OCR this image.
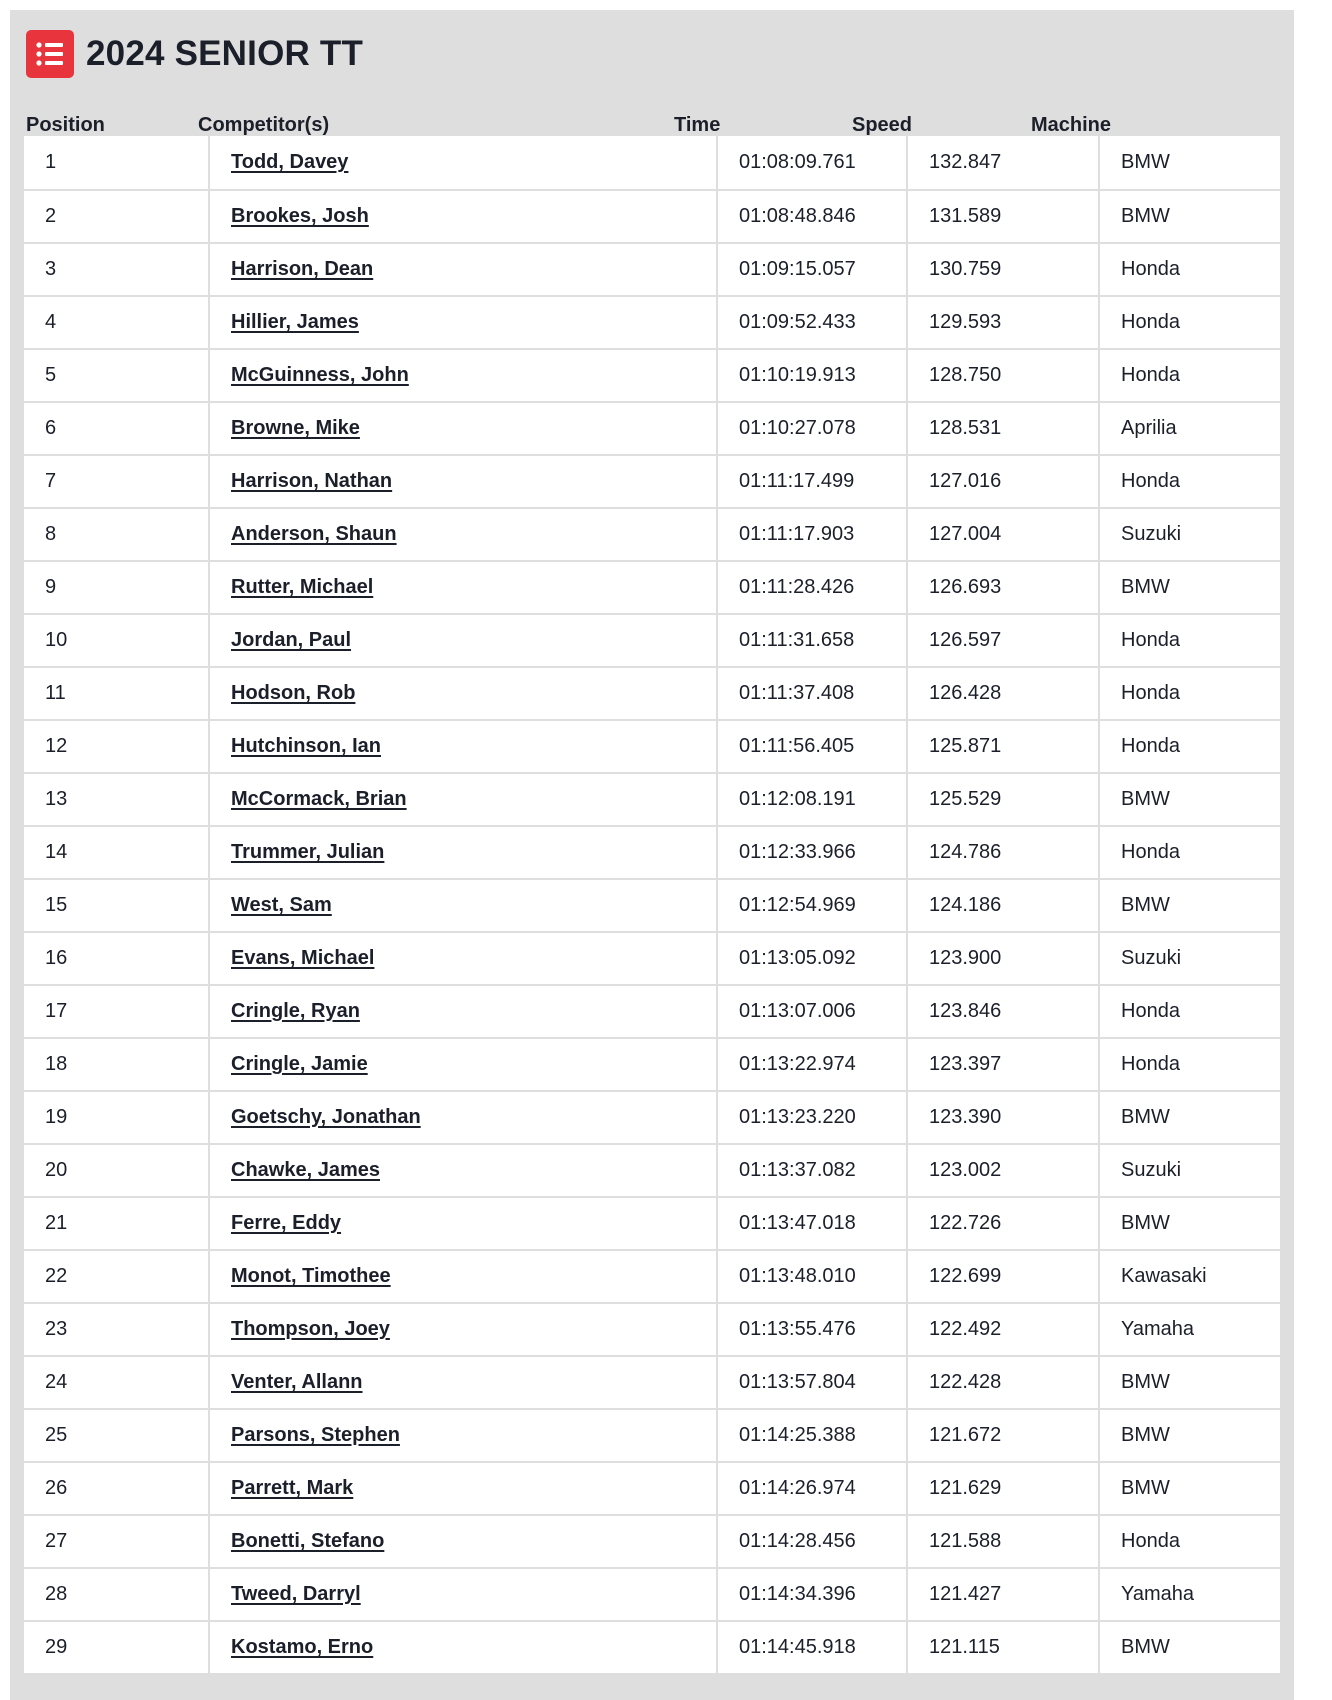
2024 SENIOR TT
Position	Competitor(s)	Time	Speed	Machine
1	Todd, Davey	01:08:09.761	132.847	BMW
2	Brookes, Josh	01:08:48.846	131.589	BMW
3	Harrison, Dean	01:09:15.057	130.759	Honda
4	Hillier, James	01:09:52.433	129.593	Honda
5	McGuinness, John	01:10:19.913	128.750	Honda
6	Browne, Mike	01:10:27.078	128.531	Aprilia
7	Harrison, Nathan	01:11:17.499	127.016	Honda
8	Anderson, Shaun	01:11:17.903	127.004	Suzuki
9	Rutter, Michael	01:11:28.426	126.693	BMW
10	Jordan, Paul	01:11:31.658	126.597	Honda
11	Hodson, Rob	01:11:37.408	126.428	Honda
12	Hutchinson, Ian	01:11:56.405	125.871	Honda
13	McCormack, Brian	01:12:08.191	125.529	BMW
14	Trummer, Julian	01:12:33.966	124.786	Honda
15	West, Sam	01:12:54.969	124.186	BMW
16	Evans, Michael	01:13:05.092	123.900	Suzuki
17	Cringle, Ryan	01:13:07.006	123.846	Honda
18	Cringle, Jamie	01:13:22.974	123.397	Honda
19	Goetschy, Jonathan	01:13:23.220	123.390	BMW
20	Chawke, James	01:13:37.082	123.002	Suzuki
21	Ferre, Eddy	01:13:47.018	122.726	BMW
22	Monot, Timothee	01:13:48.010	122.699	Kawasaki
23	Thompson, Joey	01:13:55.476	122.492	Yamaha
24	Venter, Allann	01:13:57.804	122.428	BMW
25	Parsons, Stephen	01:14:25.388	121.672	BMW
26	Parrett, Mark	01:14:26.974	121.629	BMW
27	Bonetti, Stefano	01:14:28.456	121.588	Honda
28	Tweed, Darryl	01:14:34.396	121.427	Yamaha
29	Kostamo, Erno	01:14:45.918	121.115	BMW
